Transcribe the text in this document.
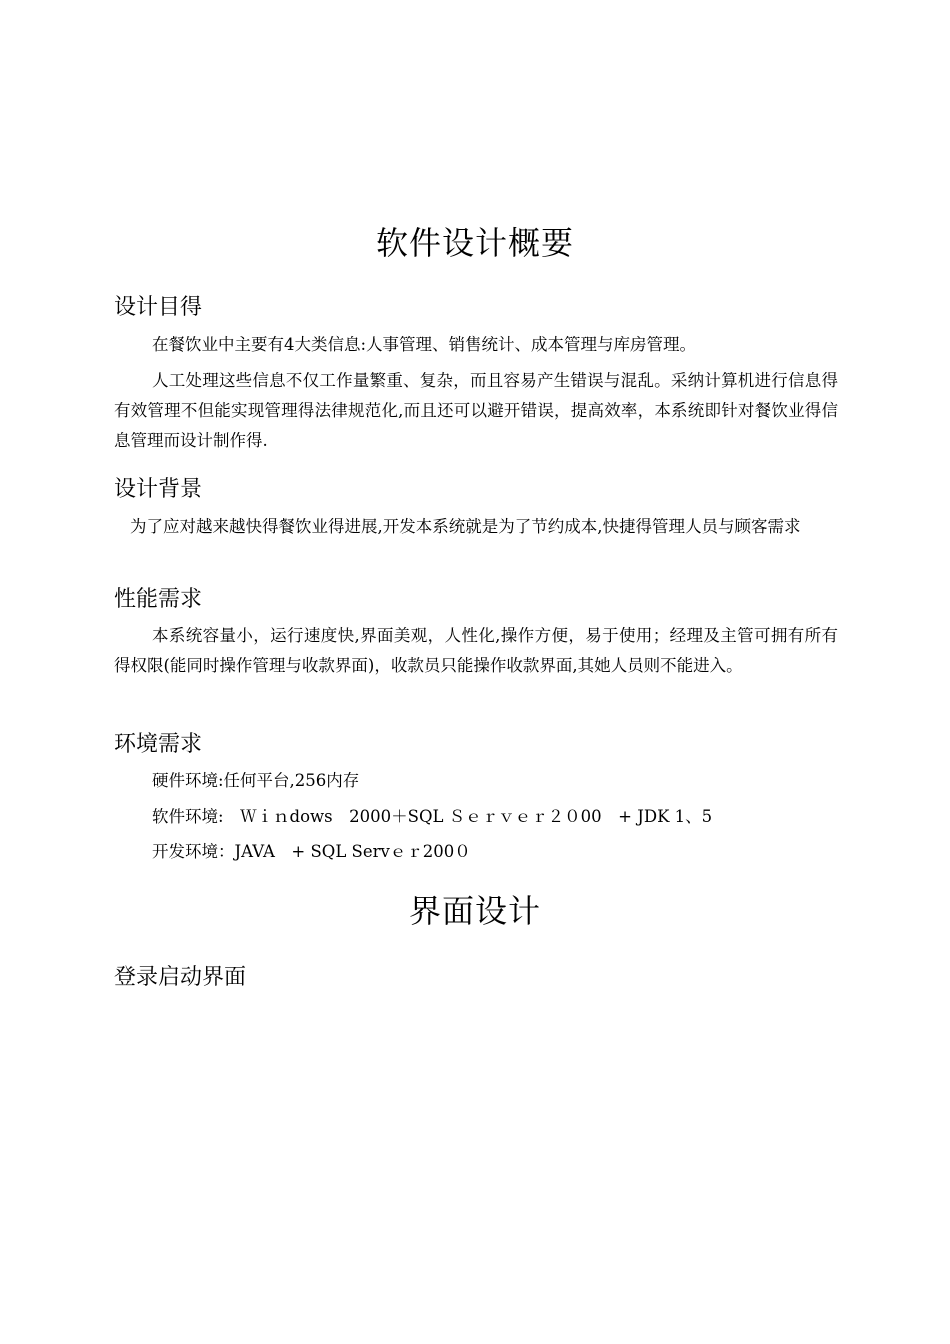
软件设计概要
设计目得

在餐饮业中主要有4大类信息:人事管理、销售统计、成本管理与库房管理。

人工处理这些信息不仅工作量繁重、复杂，而且容易产生错误与混乱。采纳计算机进行信息得有效管理不但能实现管理得法律规范化,而且还可以避开错误，提高效率，本系统即针对餐饮业得信息管理而设计制作得.

设计背景

为了应对越来越快得餐饮业得进展,开发本系统就是为了节约成本,快捷得管理人员与顾客需求

性能需求

本系统容量小，运行速度快,界面美观，人性化,操作方便，易于使用；经理及主管可拥有所有得权限(能同时操作管理与收款界面)，收款员只能操作收款界面,其她人员则不能进入。

环境需求

硬件环境:任何平台,256内存

软件环境:　Ｗｉｎdows　2000＋SQL Ｓｅｒｖｅｒ２０00　+ JDK 1、5

开发环境：JAVA　+ SQL Servｅｒ200０

界面设计
登录启动界面
